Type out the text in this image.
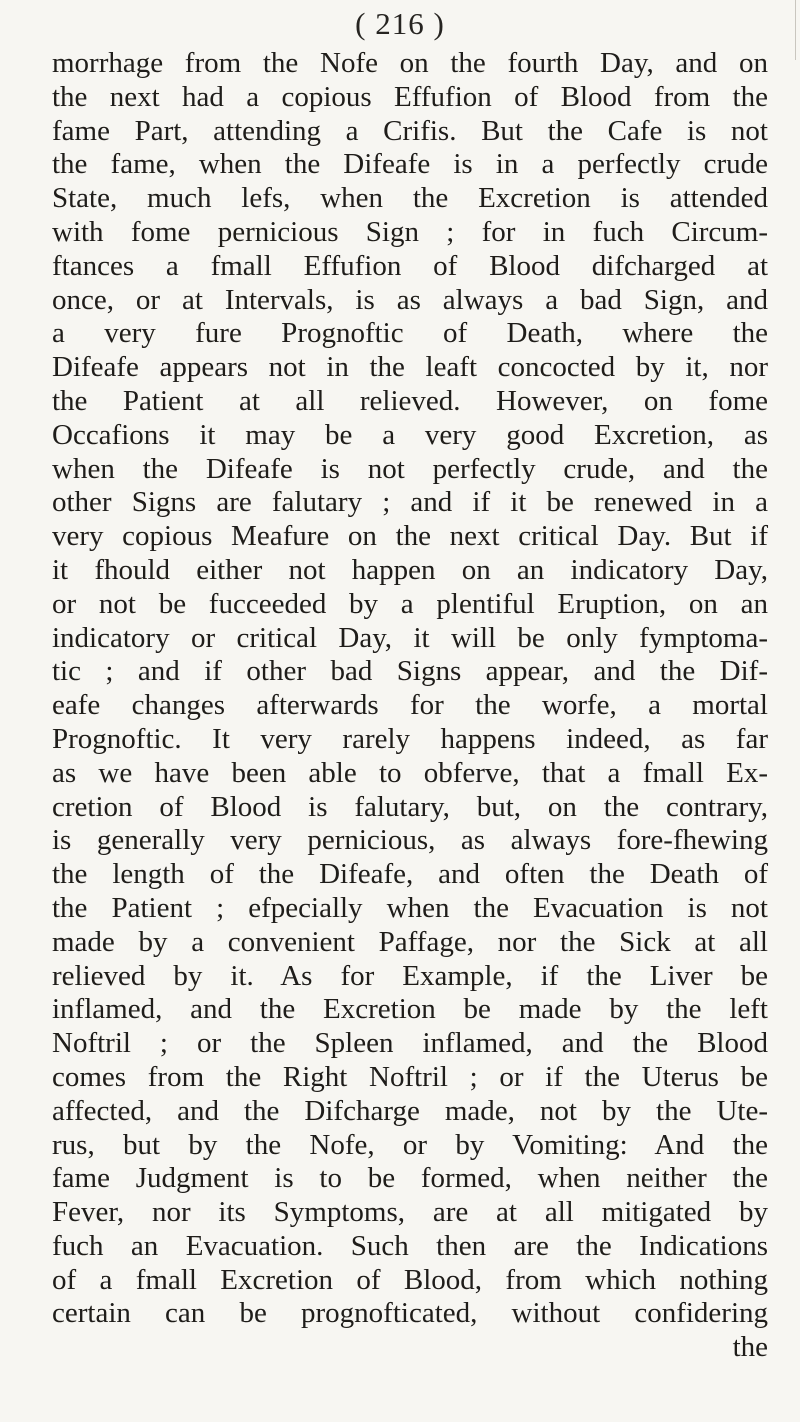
( 216 )
morrhage from the Nofe on the fourth Day, and on
the next had a copious Effufion of Blood from the
fame Part, attending a Crifis. But the Cafe is not
the fame, when the Difeafe is in a perfectly crude
State, much lefs, when the Excretion is attended
with fome pernicious Sign ; for in fuch Circum-
ftances a fmall Effufion of Blood difcharged at
once, or at Intervals, is as always a bad Sign, and
a very fure Prognoftic of Death, where the
Difeafe appears not in the leaft concocted by it, nor
the Patient at all relieved. However, on fome
Occafions it may be a very good Excretion, as
when the Difeafe is not perfectly crude, and the
other Signs are falutary ; and if it be renewed in a
very copious Meafure on the next critical Day. But if
it fhould either not happen on an indicatory Day,
or not be fucceeded by a plentiful Eruption, on an
indicatory or critical Day, it will be only fymptoma-
tic ; and if other bad Signs appear, and the Dif-
eafe changes afterwards for the worfe, a mortal
Prognoftic. It very rarely happens indeed, as far
as we have been able to obferve, that a fmall Ex-
cretion of Blood is falutary, but, on the contrary,
is generally very pernicious, as always fore-fhewing
the length of the Difeafe, and often the Death of
the Patient ; efpecially when the Evacuation is not
made by a convenient Paffage, nor the Sick at all
relieved by it. As for Example, if the Liver be
inflamed, and the Excretion be made by the left
Noftril ; or the Spleen inflamed, and the Blood
comes from the Right Noftril ; or if the Uterus be
affected, and the Difcharge made, not by the Ute-
rus, but by the Nofe, or by Vomiting: And the
fame Judgment is to be formed, when neither the
Fever, nor its Symptoms, are at all mitigated by
fuch an Evacuation. Such then are the Indications
of a fmall Excretion of Blood, from which nothing
certain can be prognofticated, without confidering
the
